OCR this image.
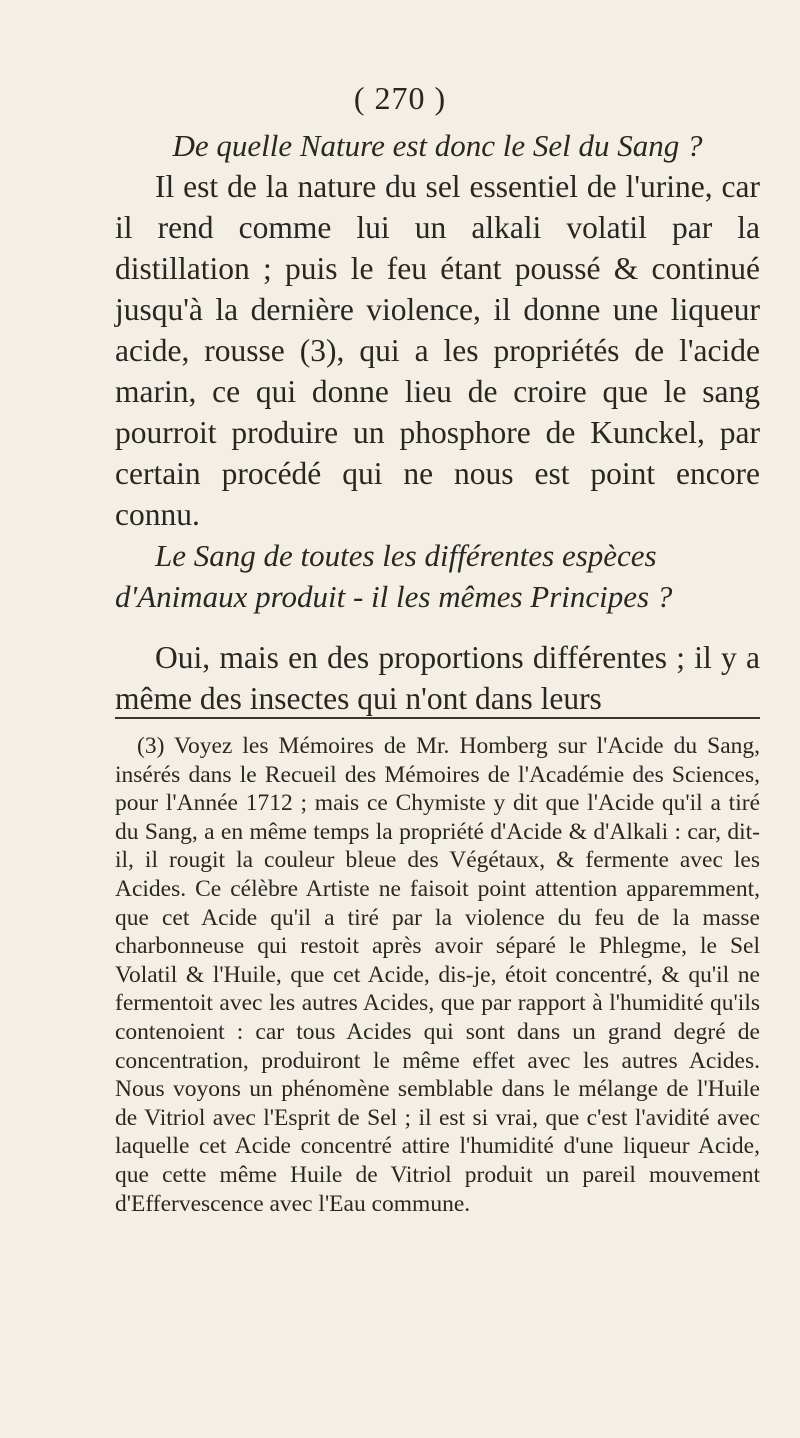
( 270 )

De quelle Nature est donc le Sel du Sang ?

Il est de la nature du sel essentiel de l'urine, car il rend comme lui un alkali volatil par la distillation ; puis le feu étant poussé & continué jusqu'à la dernière violence, il donne une liqueur acide, rousse (3), qui a les propriétés de l'acide marin, ce qui donne lieu de croire que le sang pourroit produire un phosphore de Kunckel, par certain procédé qui ne nous est point encore connu.

Le Sang de toutes les différentes espèces d'Animaux produit - il les mêmes Principes ?

Oui, mais en des proportions différentes ; il y a même des insectes qui n'ont dans leurs

(3) Voyez les Mémoires de Mr. Homberg sur l'Acide du Sang, insérés dans le Recueil des Mémoires de l'Académie des Sciences, pour l'Année 1712 ; mais ce Chymiste y dit que l'Acide qu'il a tiré du Sang, a en même temps la propriété d'Acide & d'Alkali : car, dit-il, il rougit la couleur bleue des Végétaux, & fermente avec les Acides. Ce célèbre Artiste ne faisoit point attention apparemment, que cet Acide qu'il a tiré par la violence du feu de la masse charbonneuse qui restoit après avoir séparé le Phlegme, le Sel Volatil & l'Huile, que cet Acide, dis-je, étoit concentré, & qu'il ne fermentoit avec les autres Acides, que par rapport à l'humidité qu'ils contenoient : car tous Acides qui sont dans un grand degré de concentration, produiront le même effet avec les autres Acides. Nous voyons un phénomène semblable dans le mélange de l'Huile de Vitriol avec l'Esprit de Sel ; il est si vrai, que c'est l'avidité avec laquelle cet Acide concentré attire l'humidité d'une liqueur Acide, que cette même Huile de Vitriol produit un pareil mouvement d'Effervescence avec l'Eau commune.
